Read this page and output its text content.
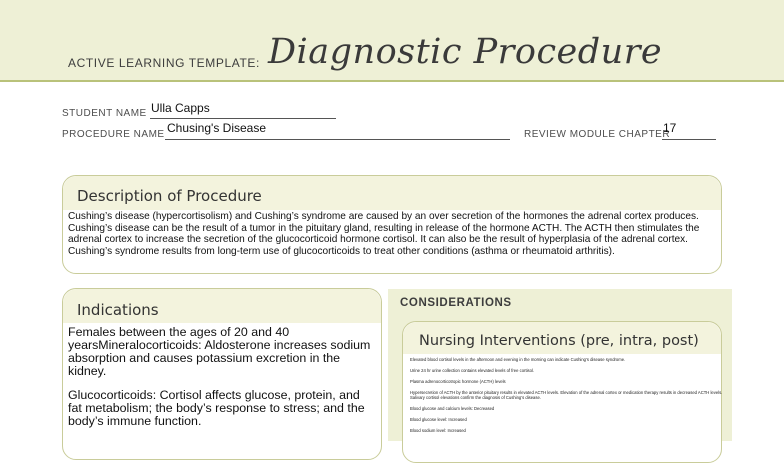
ACTIVE LEARNING TEMPLATE: Diagnostic Procedure
STUDENT NAME Ulla Capps
PROCEDURE NAME Chusing's Disease	REVIEW MODULE CHAPTER
17
Description of Procedure
Cushing’s disease (hypercortisolism) and Cushing’s syndrome are caused by an over secretion of the hormones the adrenal cortex produces.
Cushing’s disease can be the result of a tumor in the pituitary gland, resulting in release of the hormone ACTH. The ACTH then stimulates the
adrenal cortex to increase the secretion of the glucocorticoid hormone cortisol. It can also be the result of hyperplasia of the adrenal cortex.
Cushing’s syndrome results from long-term use of glucocorticoids to treat other conditions (asthma or rheumatoid arthritis).
Indications

Females between the ages of 20 and 40 yearsMineralocorticoids: Aldosterone increases sodium absorption and causes potassium excretion in the kidney.

Glucocorticoids: Cortisol affects glucose, protein, and fat metabolism; the body’s response to stress; and the body’s immune function.

CONSIDERATIONS
Nursing Interventions (pre, intra, post)
Elevated blood cortisol levels in the afternoon and evening in the morning can indicate Cushing’s disease syndrome.
Urine 24 hr urine collection contains elevated levels of free cortisol.
Plasma adrenocorticotropic hormone (ACTH) levels
Hypersecretion of ACTH by the anterior pituitary results in elevated ACTH levels. Elevation of the adrenal cortex or medication therapy results in decreased ACTH levels. Salivary cortisol elevations confirm the diagnosis of Cushing’s disease.
Blood glucose and calcium levels: Decreased
Blood glucose level: Increased
Blood sodium level: Increased
